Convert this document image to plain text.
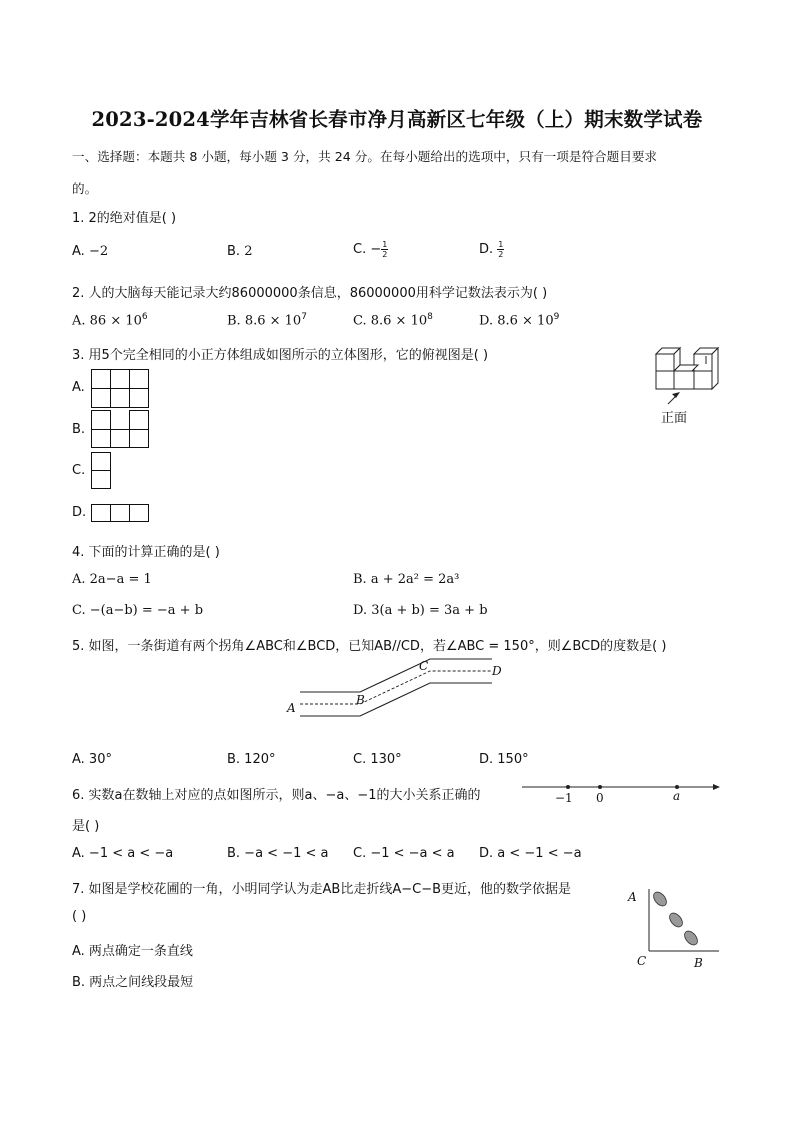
2023-2024学年吉林省长春市净月高新区七年级（上）期末数学试卷
一、选择题：本题共 8 小题，每小题 3 分，共 24 分。在每小题给出的选项中，只有一项是符合题目要求
的。
1. 2的绝对值是( )
A. −2	B. 2	C. − $\frac{1}{2}$	D. $\frac{1}{2}$
2. 人的大脑每天能记录大约86000000条信息，86000000用科学记数法表示为( )
A. $86 \times 10^6$	B. $8.6 \times 10^7$	C. $8.6 \times 10^8$	D. $8.6 \times 10^9$
3. 用5个完全相同的小正方体组成如图所示的立体图形，它的俯视图是( )
A.
B.
C.
D.
正面
4. 下面的计算正确的是( )
A. 2a−a = 1	B. a + 2a² = 2a³
C. −(a−b) = −a + b	D. 3(a + b) = 3a + b
5. 如图，一条街道有两个拐角∠ABC和∠BCD，已知AB//CD，若∠ABC = 150°，则∠BCD的度数是( )
A
B
C	D
A. 30°	B. 120°	C. 130°	D. 150°
6. 实数a在数轴上对应的点如图所示，则a、−a、−1的大小关系正确的
是( )
−1 0	a
A. −1 < a < −a	B. −a < −1 < a C. −1 < −a < a D. a < −1 < −a
7. 如图是学校花圃的一角，小明同学认为走AB比走折线A−C−B更近，他的数学依据是
( )
A. 两点确定一条直线
B. 两点之间线段最短
A
C	B
